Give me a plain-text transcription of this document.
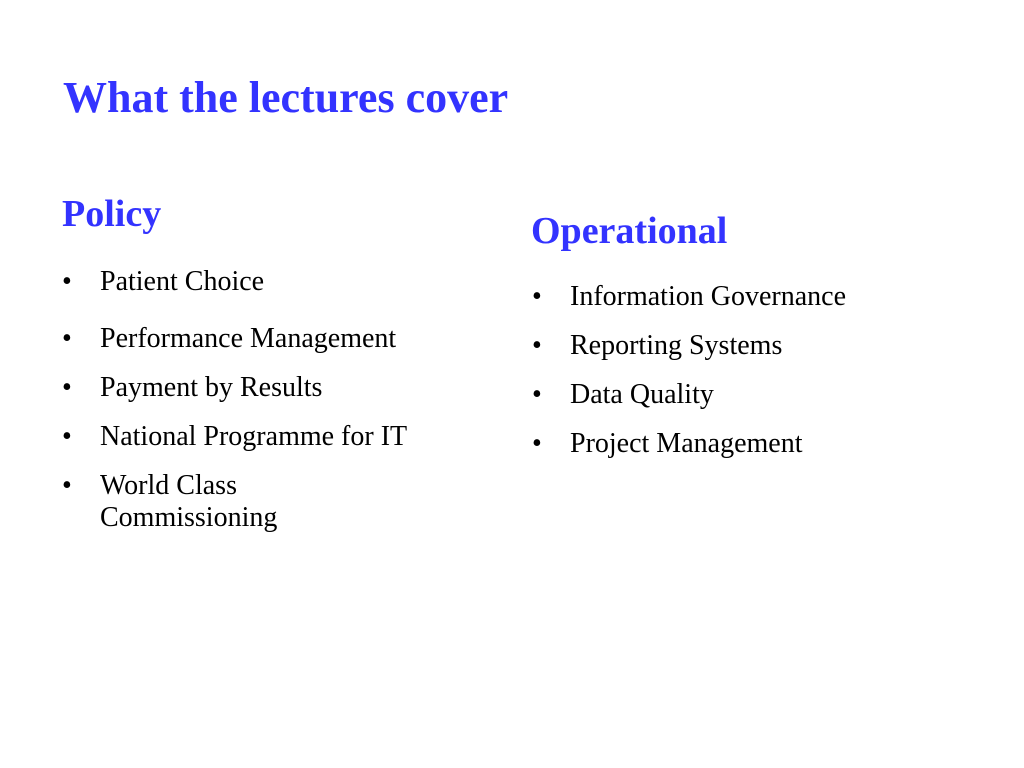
What the lectures cover
Policy
• Patient Choice
• Performance Management
• Payment by Results
• National Programme for IT
• World Class Commissioning
Operational
• Information Governance
• Reporting Systems
• Data Quality
• Project Management
